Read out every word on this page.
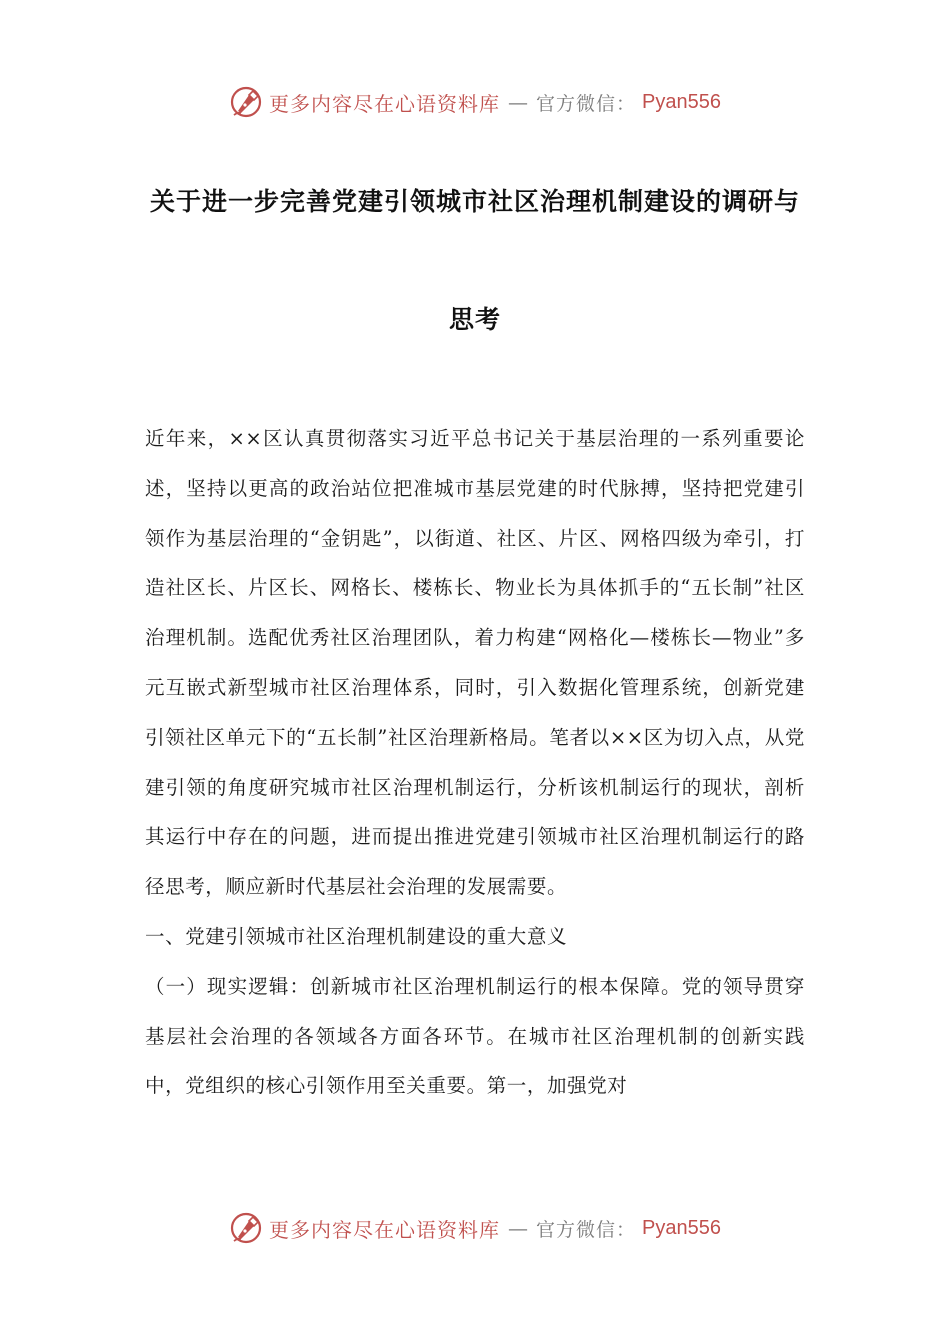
更多内容尽在心语资料库 — 官方微信： Pyan556
关于进一步完善党建引领城市社区治理机制建设的调研与
思考

近年来，××区认真贯彻落实习近平总书记关于基层治理的一系列重要论述，坚持以更高的政治站位把准城市基层党建的时代脉搏，坚持把党建引领作为基层治理的“金钥匙”，以街道、社区、片区、网格四级为牵引，打造社区长、片区长、网格长、楼栋长、物业长为具体抓手的“五长制”社区治理机制。选配优秀社区治理团队，着力构建“网格化—楼栋长—物业”多元互嵌式新型城市社区治理体系，同时，引入数据化管理系统，创新党建引领社区单元下的“五长制”社区治理新格局。笔者以××区为切入点，从党建引领的角度研究城市社区治理机制运行，分析该机制运行的现状，剖析其运行中存在的问题，进而提出推进党建引领城市社区治理机制运行的路径思考，顺应新时代基层社会治理的发展需要。

一、党建引领城市社区治理机制建设的重大意义

（一）现实逻辑：创新城市社区治理机制运行的根本保障。党的领导贯穿基层社会治理的各领域各方面各环节。在城市社区治理机制的创新实践中，党组织的核心引领作用至关重要。第一，加强党对

更多内容尽在心语资料库 — 官方微信： Pyan556
